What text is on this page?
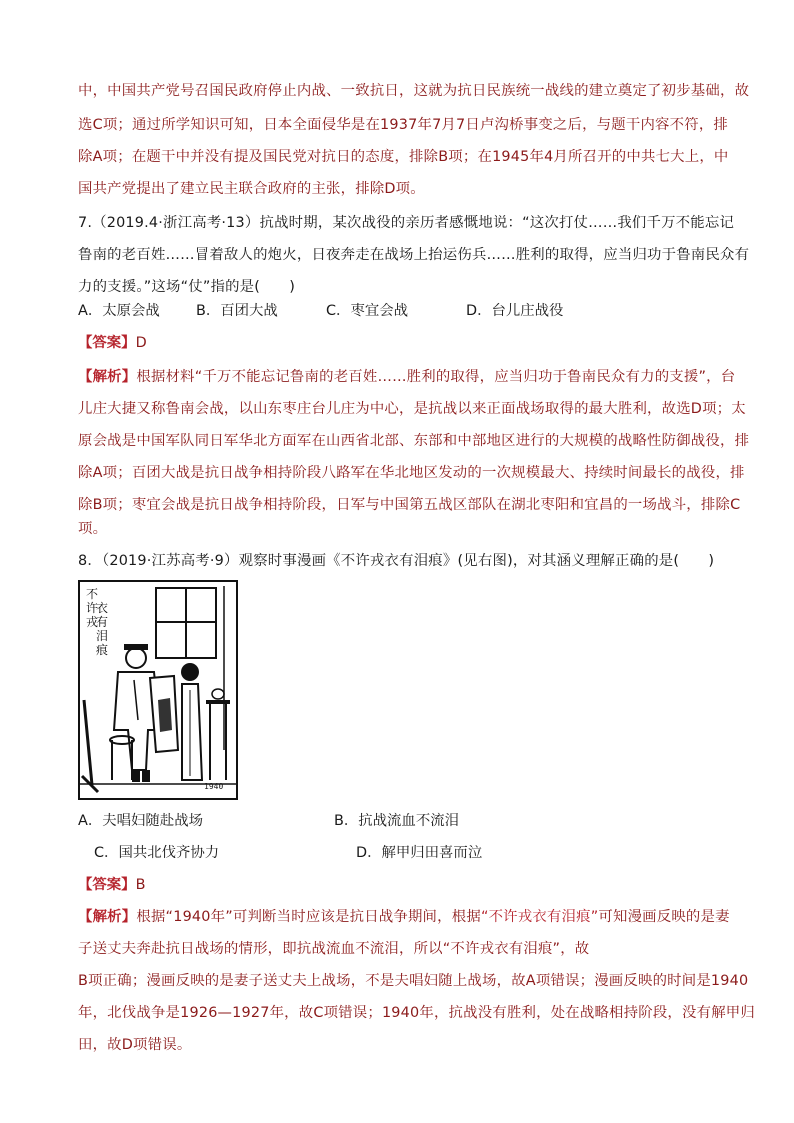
中，中国共产党号召国民政府停止内战、一致抗日，这就为抗日民族统一战线的建立奠定了初步基础，故
选C项；通过所学知识可知，日本全面侵华是在1937年7月7日卢沟桥事变之后，与题干内容不符，排
除A项；在题干中并没有提及国民党对抗日的态度，排除B项；在1945年4月所召开的中共七大上，中
国共产党提出了建立民主联合政府的主张，排除D项。
7.（2019.4·浙江高考·13）抗战时期，某次战役的亲历者感慨地说：“这次打仗……我们千万不能忘记
鲁南的老百姓……冒着敌人的炮火，日夜奔走在战场上抬运伤兵……胜利的取得，应当归功于鲁南民众有
力的支援。”这场“仗”指的是(　　)
A．太原会战	B．百团大战	C．枣宜会战	D．台儿庄战役
【答案】D
【解析】根据材料“千万不能忘记鲁南的老百姓……胜利的取得，应当归功于鲁南民众有力的支援”，台
儿庄大捷又称鲁南会战，以山东枣庄台儿庄为中心，是抗战以来正面战场取得的最大胜利，故选D项；太
原会战是中国军队同日军华北方面军在山西省北部、东部和中部地区进行的大规模的战略性防御战役，排
除A项；百团大战是抗日战争相持阶段八路军在华北地区发动的一次规模最大、持续时间最长的战役，排
除B项；枣宜会战是抗日战争相持阶段，日军与中国第五战区部队在湖北枣阳和宜昌的一场战斗，排除C
项。
8．（2019·江苏高考·9）观察时事漫画《不许戎衣有泪痕》(见右图)，对其涵义理解正确的是(　　)
不
许
戎
衣
有
泪
痕
1940
A．夫唱妇随赴战场	B．抗战流血不流泪
C．国共北伐齐协力	D．解甲归田喜而泣
【答案】B
【解析】根据“1940年”可判断当时应该是抗日战争期间，根据“不许戎衣有泪痕”可知漫画反映的是妻
子送丈夫奔赴抗日战场的情形，即抗战流血不流泪，所以“不许戎衣有泪痕”，故
B项正确；漫画反映的是妻子送丈夫上战场，不是夫唱妇随上战场，故A项错误；漫画反映的时间是1940
年，北伐战争是1926—1927年，故C项错误；1940年，抗战没有胜利，处在战略相持阶段，没有解甲归
田，故D项错误。
